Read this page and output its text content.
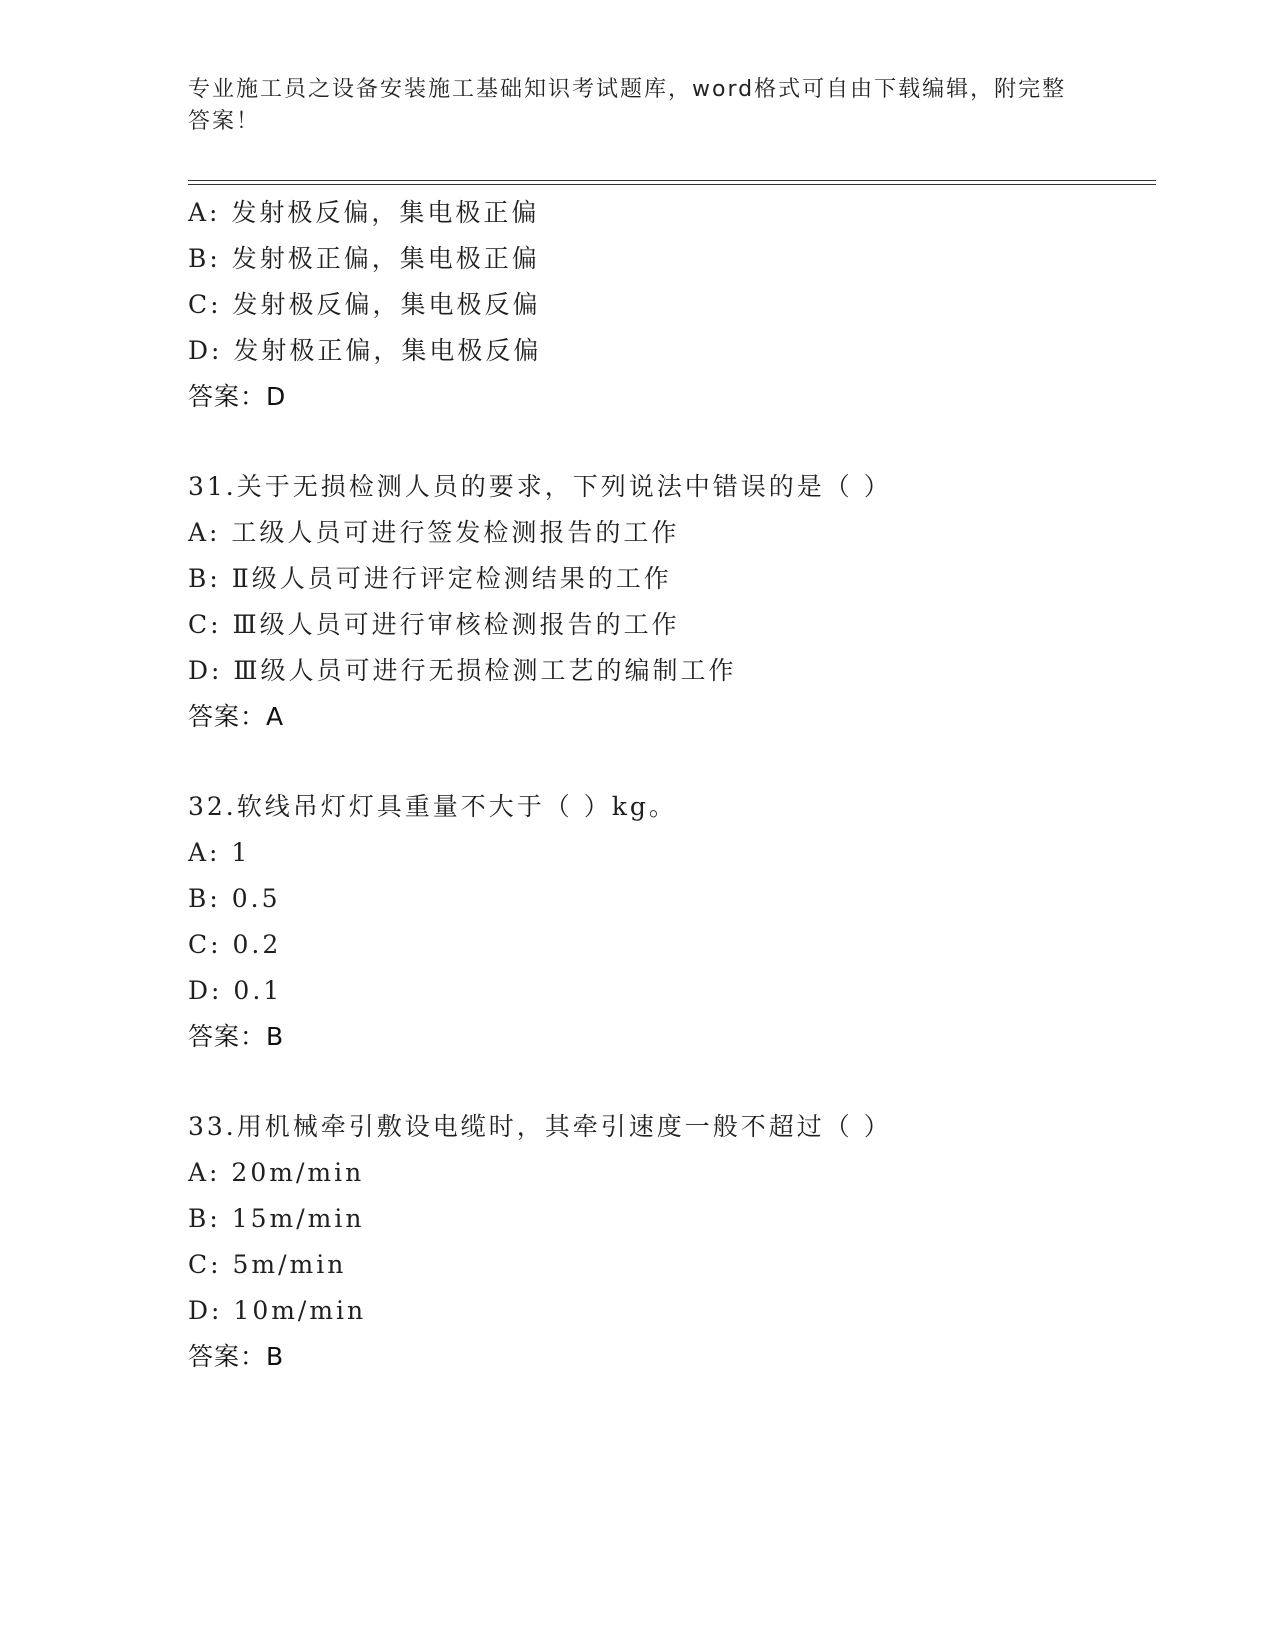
专业施工员之设备安装施工基础知识考试题库，word格式可自由下载编辑，附完整答案！
A: 发射极反偏，集电极正偏
B: 发射极正偏，集电极正偏
C: 发射极反偏，集电极反偏
D: 发射极正偏，集电极反偏
答案：D
31.关于无损检测人员的要求，下列说法中错误的是（ ）
A: 工级人员可进行签发检测报告的工作
B: Ⅱ级人员可进行评定检测结果的工作
C: Ⅲ级人员可进行审核检测报告的工作
D: Ⅲ级人员可进行无损检测工艺的编制工作
答案：A
32.软线吊灯灯具重量不大于（ ）kg。
A: 1
B: 0.5
C: 0.2
D: 0.1
答案：B
33.用机械牵引敷设电缆时，其牵引速度一般不超过（ ）
A: 20m/min
B: 15m/min
C: 5m/min
D: 10m/min
答案：B
